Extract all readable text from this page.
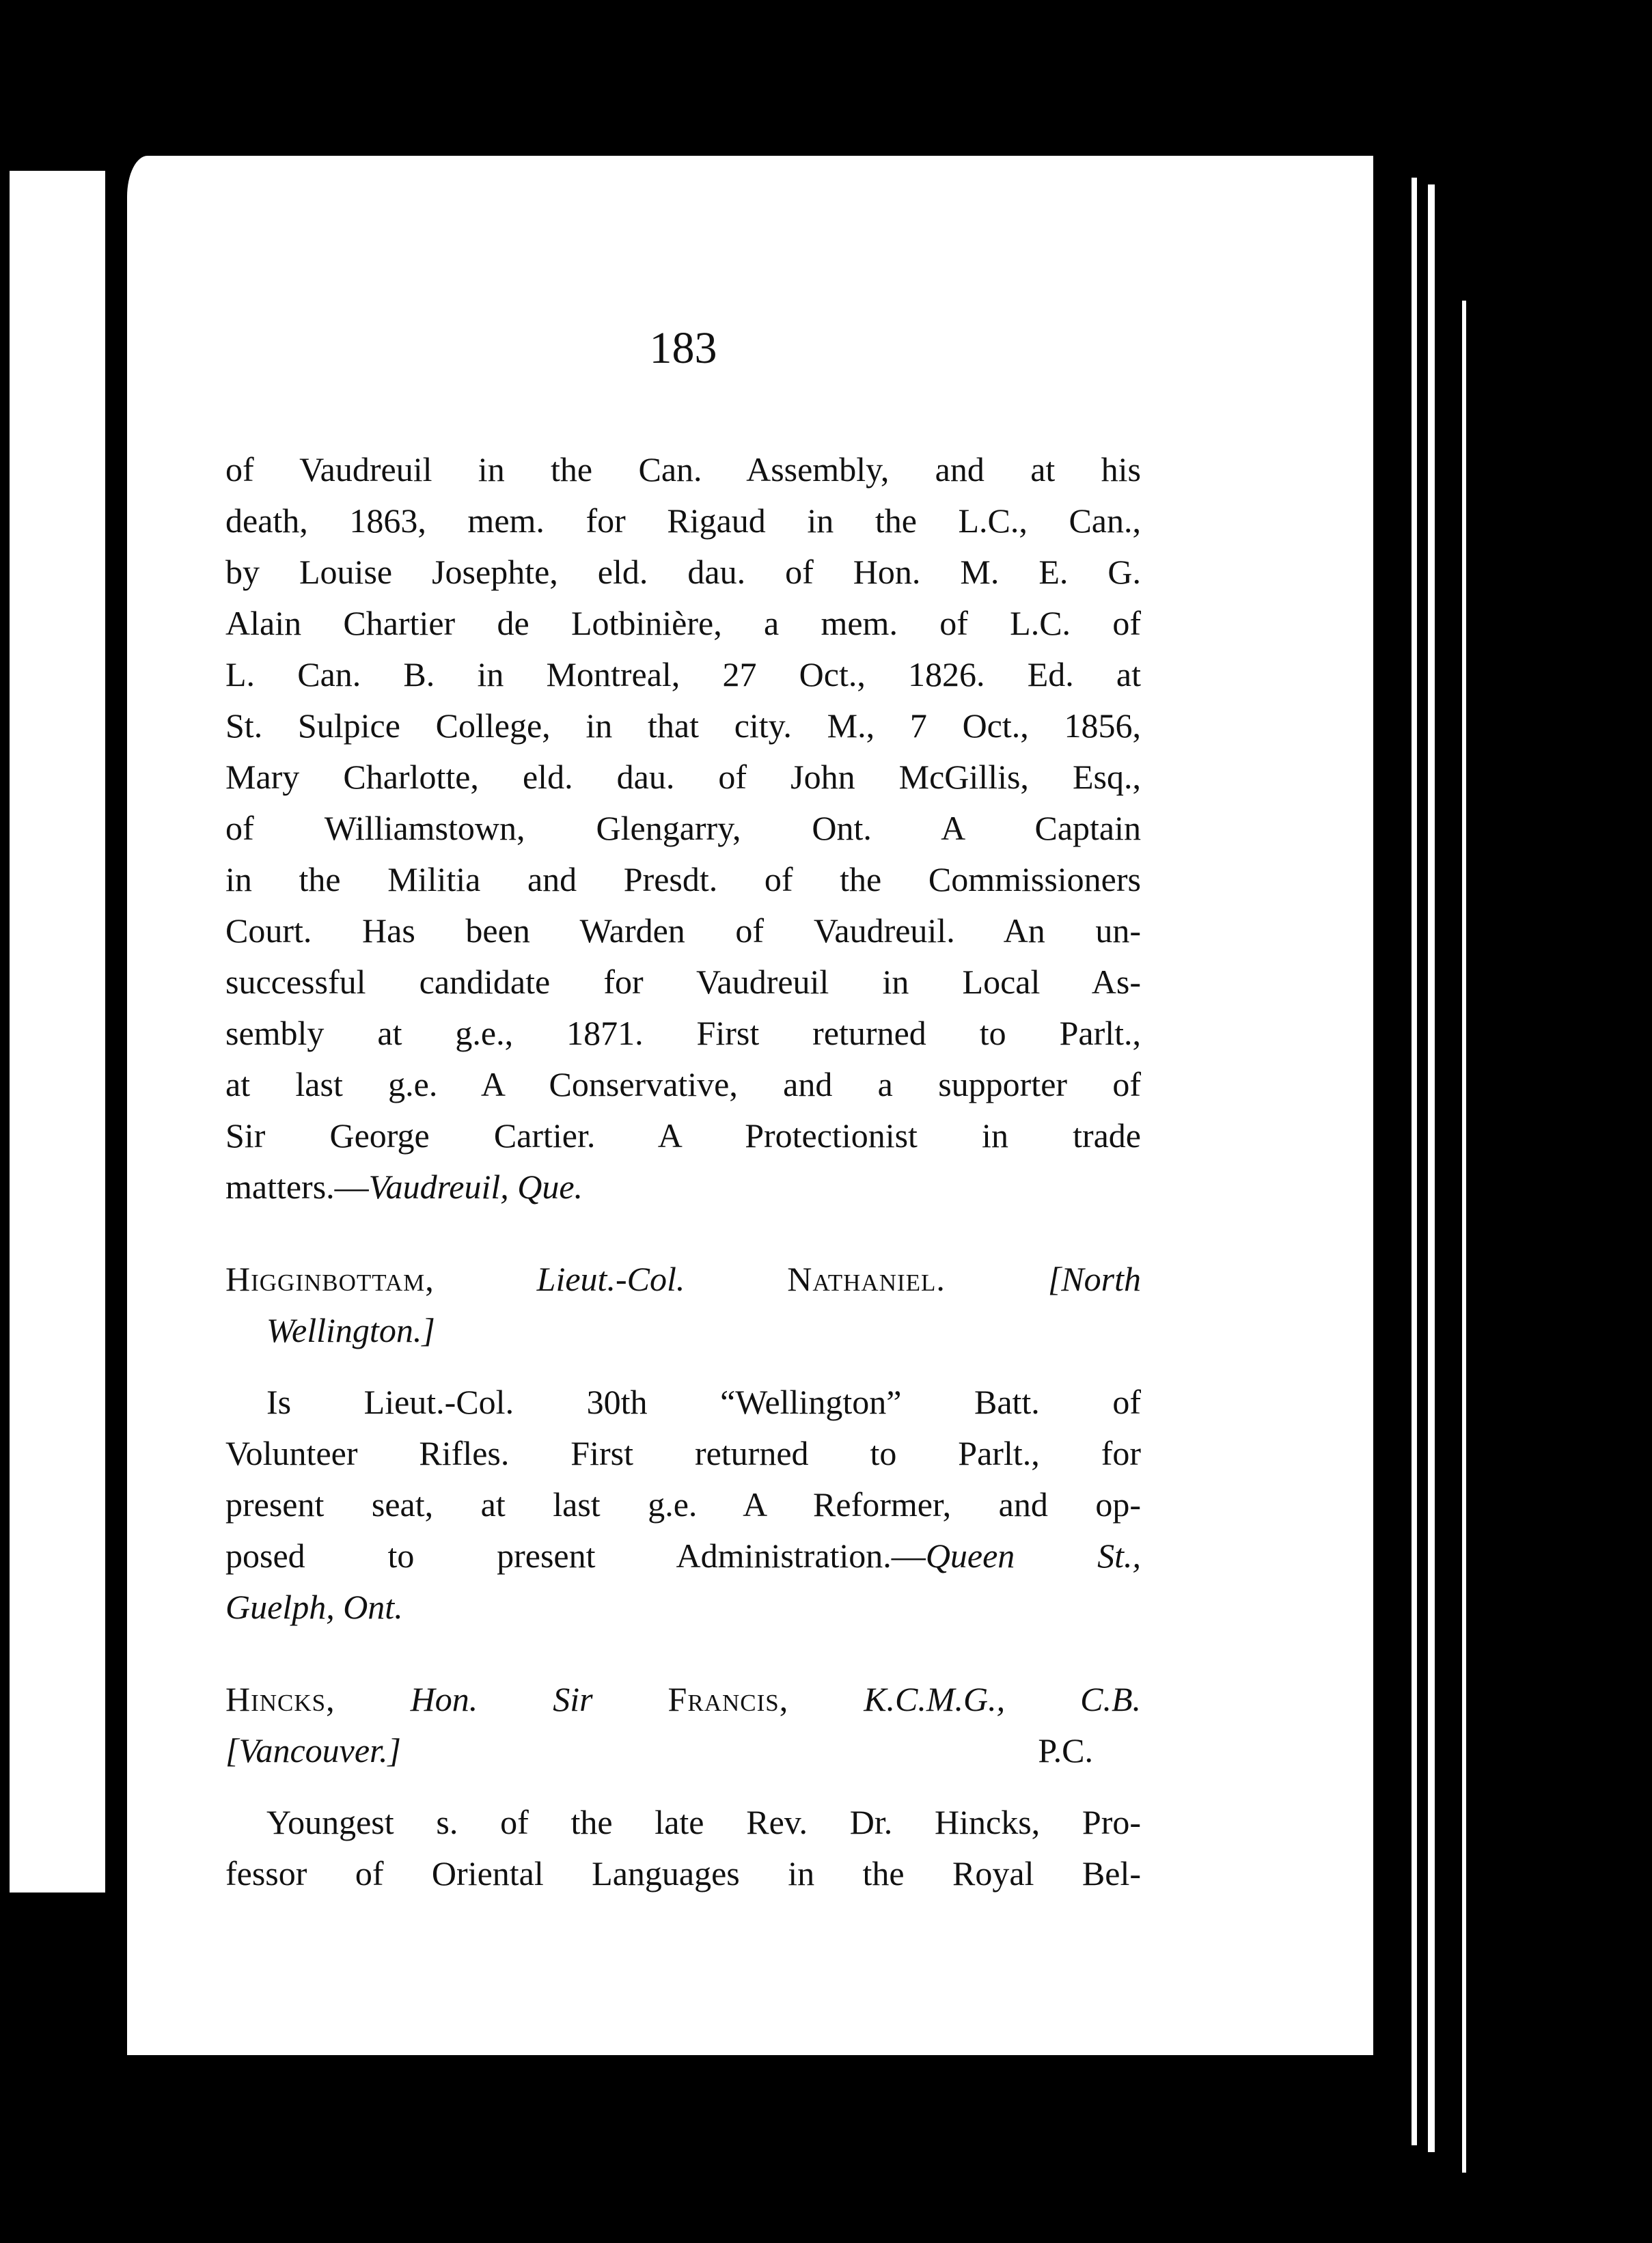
183
of Vaudreuil in the Can. Assembly, and at his
death, 1863, mem. for Rigaud in the L.C., Can.,
by Louise Josephte, eld. dau. of Hon. M. E. G.
Alain Chartier de Lotbinière, a mem. of L.C. of
L. Can. B. in Montreal, 27 Oct., 1826. Ed. at
St. Sulpice College, in that city. M., 7 Oct., 1856,
Mary Charlotte, eld. dau. of John McGillis, Esq.,
of Williamstown, Glengarry, Ont. A Captain
in the Militia and Presdt. of the Commissioners
Court. Has been Warden of Vaudreuil. An un-
successful candidate for Vaudreuil in Local As-
sembly at g.e., 1871. First returned to Parlt.,
at last g.e. A Conservative, and a supporter of
Sir George Cartier. A Protectionist in trade
matters.—Vaudreuil, Que.
Higginbottam,	Lieut.-Col.	Nathaniel.	[North
Wellington.]
Is Lieut.-Col. 30th “Wellington” Batt. of
Volunteer Rifles. First returned to Parlt., for
present seat, at last g.e. A Reformer, and op-
posed to present Administration.—Queen St.,
Guelph, Ont.
Hincks, Hon. Sir Francis, K.C.M.G., C.B.
[Vancouver.]	P.C.
Youngest s. of the late Rev. Dr. Hincks, Pro-
fessor of Oriental Languages in the Royal Bel-
